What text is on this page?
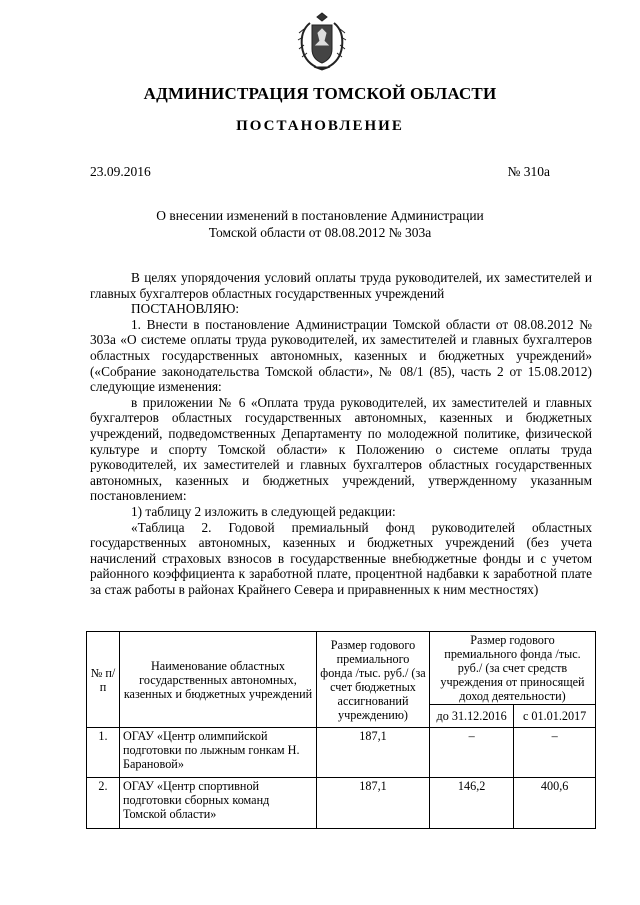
АДМИНИСТРАЦИЯ ТОМСКОЙ ОБЛАСТИ
ПОСТАНОВЛЕНИЕ
23.09.2016	№ 310а
О внесении изменений в постановление Администрации
Томской области от 08.08.2012 № 303а

В целях упорядочения условий оплаты труда руководителей, их заместителей и главных бухгалтеров областных государственных учреждений

ПОСТАНОВЛЯЮ:

1. Внести в постановление Администрации Томской области от 08.08.2012 № 303а «О системе оплаты труда руководителей, их заместителей и главных бухгалтеров областных государственных автономных, казенных и бюджетных учреждений» («Собрание законодательства Томской области», № 08/1 (85), часть 2 от 15.08.2012) следующие изменения:

в приложении № 6 «Оплата труда руководителей, их заместителей и главных бухгалтеров областных государственных автономных, казенных и бюджетных учреждений, подведомственных Департаменту по молодежной политике, физической культуре и спорту Томской области» к Положению о системе оплаты труда руководителей, их заместителей и главных бухгалтеров областных государственных автономных, казенных и бюджетных учреждений, утвержденному указанным постановлением:

1) таблицу 2 изложить в следующей редакции:

«Таблица 2. Годовой премиальный фонд руководителей областных государственных автономных, казенных и бюджетных учреждений (без учета начислений страховых взносов в государственные внебюджетные фонды и с учетом районного коэффициента к заработной плате, процентной надбавки к заработной плате за стаж работы в районах Крайнего Севера и приравненных к ним местностях)

№ п/п	Наименование областных государственных автономных, казенных и бюджетных учреждений	Размер годового премиального фонда /тыс. руб./ (за счет бюджетных ассигнований учреждению)	Размер годового премиального фонда /тыс. руб./ (за счет средств учреждения от приносящей доход деятельности)	
			до 31.12.2016	с 01.01.2017
1.	ОГАУ «Центр олимпийской подготовки по лыжным гонкам Н. Барановой»	187,1	–	–
2.	ОГАУ «Центр спортивной подготовки сборных команд Томской области»	187,1	146,2	400,6
